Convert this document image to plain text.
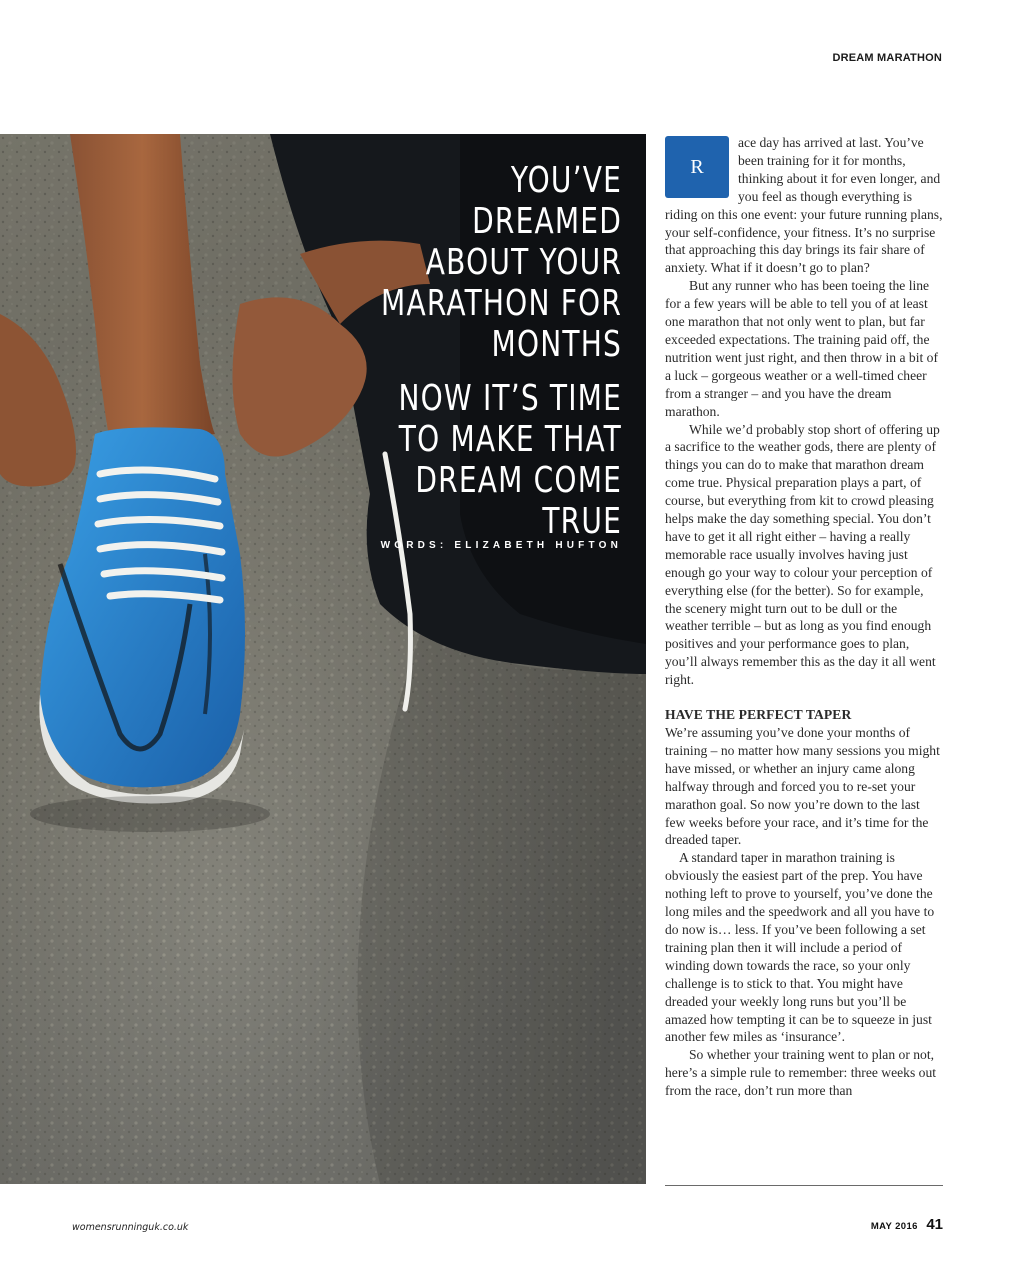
DREAM MARATHON

YOU’VE DREAMED ABOUT YOUR MARATHON FOR MONTHS

NOW IT’S TIME TO MAKE THAT DREAM COME TRUE

WORDS: ELIZABETH HUFTON

R
ace day has arrived at last. You’ve been training for it for months, thinking about it for even longer, and you feel as though everything is riding on this one event: your future running plans, your self-confidence, your fitness. It’s no surprise that approaching this day brings its fair share of anxiety. What if it doesn’t go to plan?

But any runner who has been toeing the line for a few years will be able to tell you of at least one marathon that not only went to plan, but far exceeded expectations. The training paid off, the nutrition went just right, and then throw in a bit of a luck – gorgeous weather or a well-timed cheer from a stranger – and you have the dream marathon.

While we’d probably stop short of offering up a sacrifice to the weather gods, there are plenty of things you can do to make that marathon dream come true. Physical preparation plays a part, of course, but everything from kit to crowd pleasing helps make the day something special. You don’t have to get it all right either – having a really memorable race usually involves having just enough go your way to colour your perception of everything else (for the better). So for example, the scenery might turn out to be dull or the weather terrible – but as long as you find enough positives and your performance goes to plan, you’ll always remember this as the day it all went right.

HAVE THE PERFECT TAPER

We’re assuming you’ve done your months of training – no matter how many sessions you might have missed, or whether an injury came along halfway through and forced you to re-set your marathon goal. So now you’re down to the last few weeks before your race, and it’s time for the dreaded taper.

A standard taper in marathon training is obviously the easiest part of the prep. You have nothing left to prove to yourself, you’ve done the long miles and the speedwork and all you have to do now is… less. If you’ve been following a set training plan then it will include a period of winding down towards the race, so your only challenge is to stick to that. You might have dreaded your weekly long runs but you’ll be amazed how tempting it can be to squeeze in just another few miles as ‘insurance’.

So whether your training went to plan or not, here’s a simple rule to remember: three weeks out from the race, don’t run more than

womensrunninguk.co.uk	MAY 2016 41
